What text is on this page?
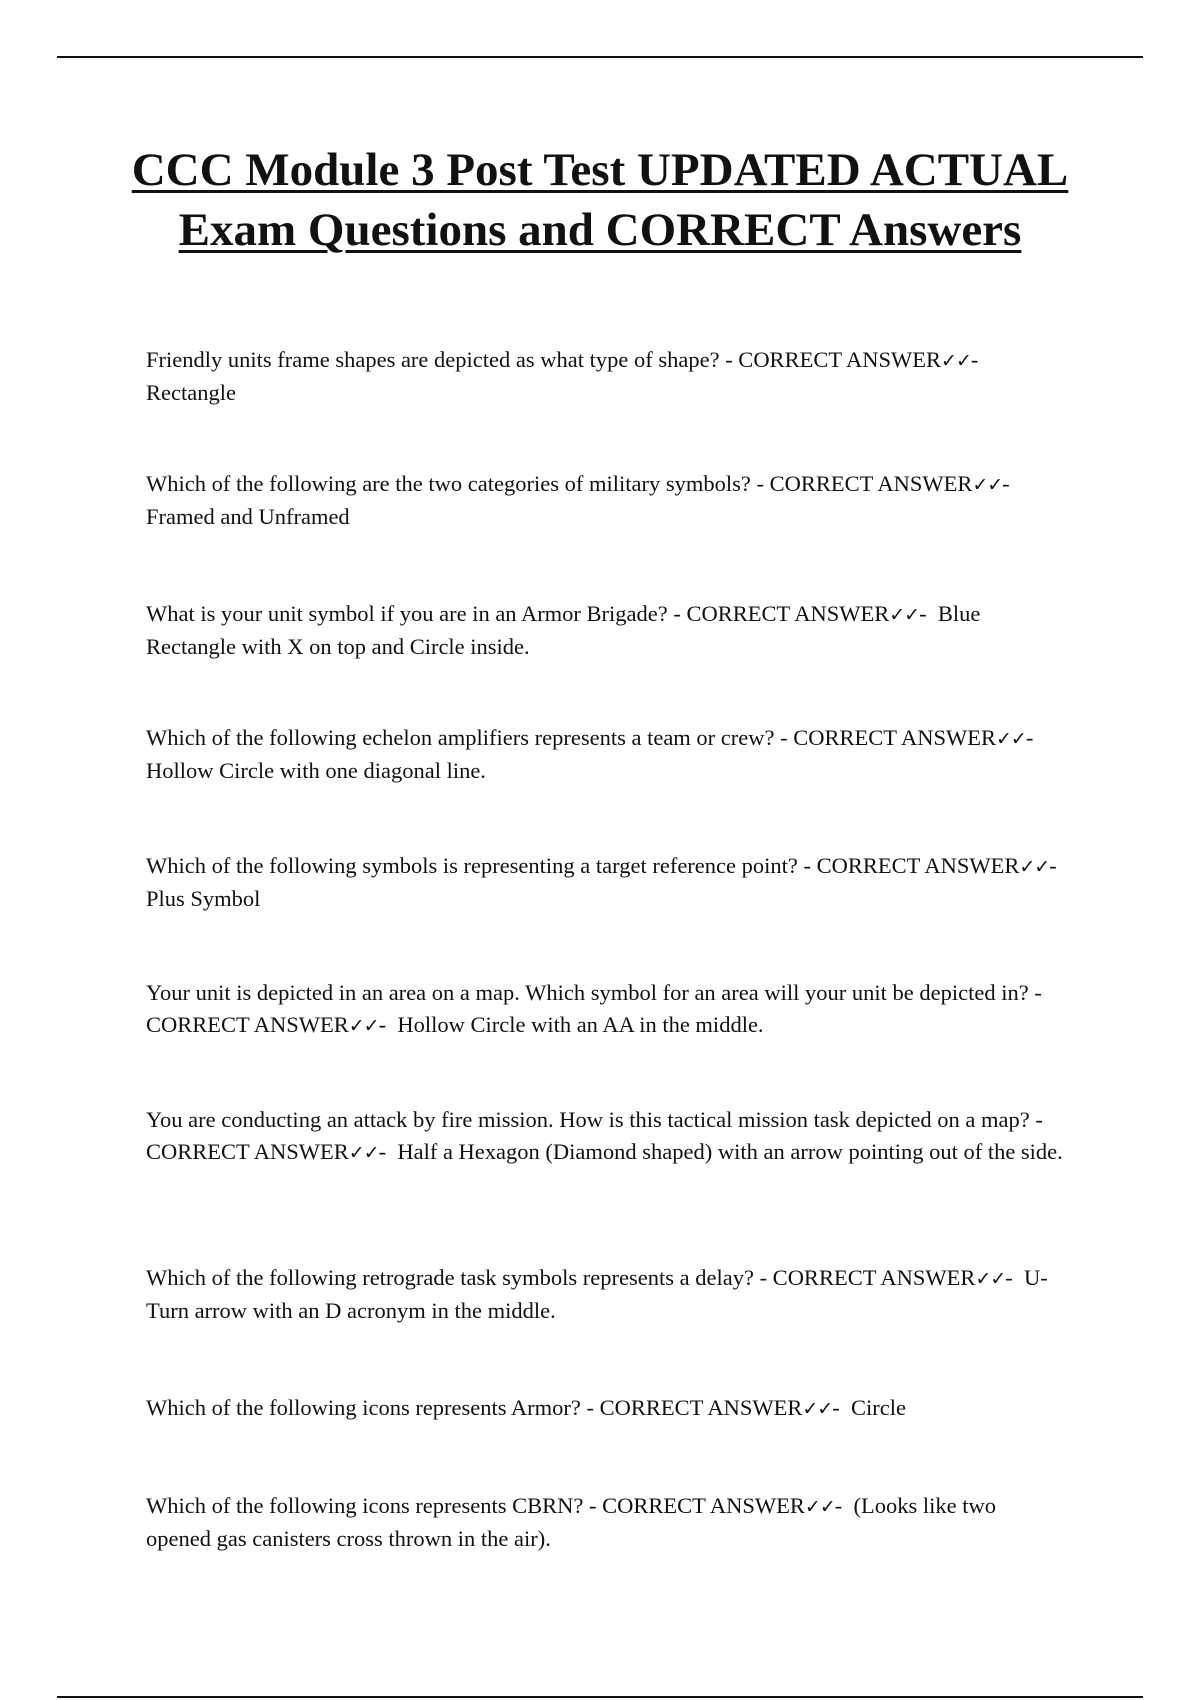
CCC Module 3 Post Test UPDATED ACTUAL Exam Questions and CORRECT Answers

Friendly units frame shapes are depicted as what type of shape? - CORRECT ANSWER✓✓- Rectangle

Which of the following are the two categories of military symbols? - CORRECT ANSWER✓✓-  Framed and Unframed

What is your unit symbol if you are in an Armor Brigade? - CORRECT ANSWER✓✓-  Blue Rectangle with X on top and Circle inside.

Which of the following echelon amplifiers represents a team or crew? - CORRECT ANSWER✓✓-  Hollow Circle with one diagonal line.

Which of the following symbols is representing a target reference point? - CORRECT ANSWER✓✓-  Plus Symbol

Your unit is depicted in an area on a map. Which symbol for an area will your unit be depicted in? - CORRECT ANSWER✓✓-  Hollow Circle with an AA in the middle.

You are conducting an attack by fire mission. How is this tactical mission task depicted on a map? - CORRECT ANSWER✓✓-  Half a Hexagon (Diamond shaped) with an arrow pointing out of the side.

Which of the following retrograde task symbols represents a delay? - CORRECT ANSWER✓✓-  U-Turn arrow with an D acronym in the middle.

Which of the following icons represents Armor? - CORRECT ANSWER✓✓-  Circle

Which of the following icons represents CBRN? - CORRECT ANSWER✓✓-  (Looks like two opened gas canisters cross thrown in the air).
